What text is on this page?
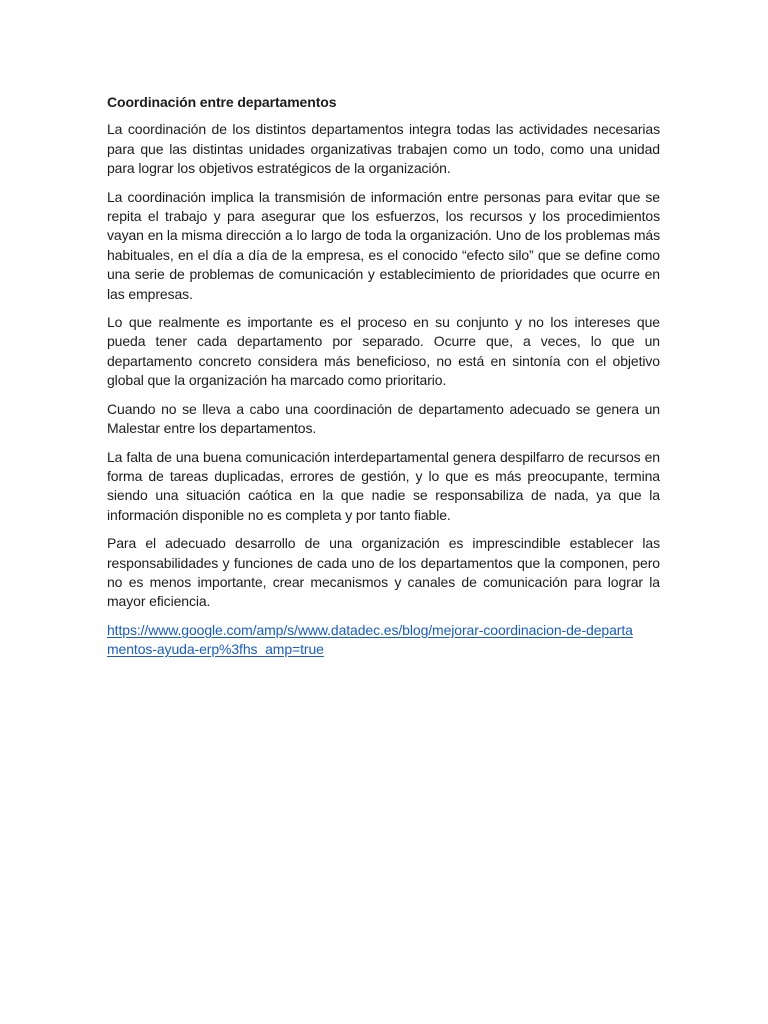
Coordinación entre departamentos

La coordinación de los distintos departamentos integra todas las actividades necesarias para que las distintas unidades organizativas trabajen como un todo, como una unidad para lograr los objetivos estratégicos de la organización.

La coordinación implica la transmisión de información entre personas para evitar que se repita el trabajo y para asegurar que los esfuerzos, los recursos y los procedimientos vayan en la misma dirección a lo largo de toda la organización. Uno de los problemas más habituales, en el día a día de la empresa, es el conocido “efecto silo” que se define como una serie de problemas de comunicación y establecimiento de prioridades que ocurre en las empresas.

Lo que realmente es importante es el proceso en su conjunto y no los intereses que pueda tener cada departamento por separado. Ocurre que, a veces, lo que un departamento concreto considera más beneficioso, no está en sintonía con el objetivo global que la organización ha marcado como prioritario.

Cuando no se lleva a cabo una coordinación de departamento adecuado se genera un Malestar entre los departamentos.

La falta de una buena comunicación interdepartamental genera despilfarro de recursos en forma de tareas duplicadas, errores de gestión, y lo que es más preocupante, termina siendo una situación caótica en la que nadie se responsabiliza de nada, ya que la información disponible no es completa y por tanto fiable.

Para el adecuado desarrollo de una organización es imprescindible establecer las responsabilidades y funciones de cada uno de los departamentos que la componen, pero no es menos importante, crear mecanismos y canales de comunicación para lograr la mayor eficiencia.

https://www.google.com/amp/s/www.datadec.es/blog/mejorar-coordinacion-de-departamentos-ayuda-erp%3fhs_amp=true
